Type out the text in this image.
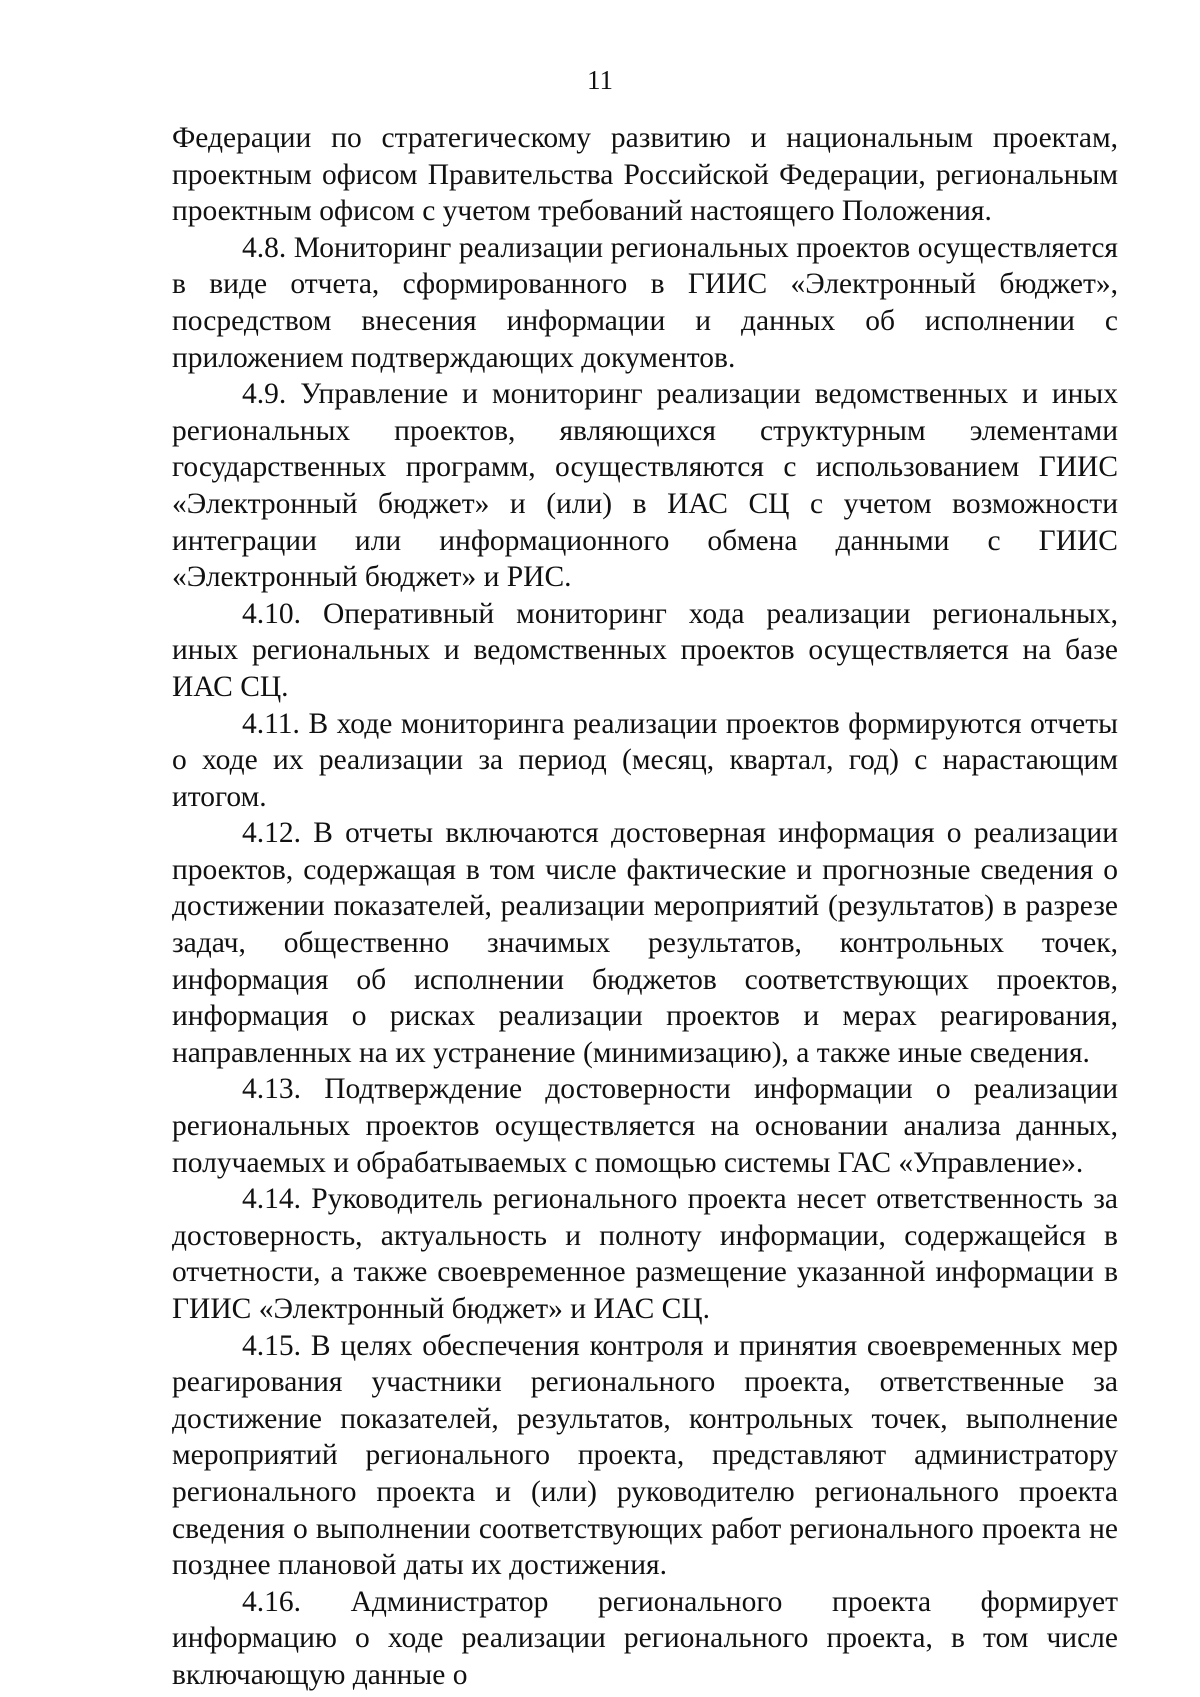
11

Федерации по стратегическому развитию и национальным проектам, проектным офисом Правительства Российской Федерации, региональным проектным офисом с учетом требований настоящего Положения.

4.8. Мониторинг реализации региональных проектов осуществляется в виде отчета, сформированного в ГИИС «Электронный бюджет», посредством внесения информации и данных об исполнении с приложением подтверждающих документов.

4.9. Управление и мониторинг реализации ведомственных и иных региональных проектов, являющихся структурным элементами государственных программ, осуществляются с использованием ГИИС «Электронный бюджет» и (или) в ИАС СЦ с учетом возможности интеграции или информационного обмена данными с ГИИС «Электронный бюджет» и РИС.

4.10. Оперативный мониторинг хода реализации региональных, иных региональных и ведомственных проектов осуществляется на базе ИАС СЦ.

4.11. В ходе мониторинга реализации проектов формируются отчеты о ходе их реализации за период (месяц, квартал, год) с нарастающим итогом.

4.12. В отчеты включаются достоверная информация о реализации проектов, содержащая в том числе фактические и прогнозные сведения о достижении показателей, реализации мероприятий (результатов) в разрезе задач, общественно значимых результатов, контрольных точек, информация об исполнении бюджетов соответствующих проектов, информация о рисках реализации проектов и мерах реагирования, направленных на их устранение (минимизацию), а также иные сведения.

4.13. Подтверждение достоверности информации о реализации региональных проектов осуществляется на основании анализа данных, получаемых и обрабатываемых с помощью системы ГАС «Управление».

4.14. Руководитель регионального проекта несет ответственность за достоверность, актуальность и полноту информации, содержащейся в отчетности, а также своевременное размещение указанной информации в ГИИС «Электронный бюджет» и ИАС СЦ.

4.15. В целях обеспечения контроля и принятия своевременных мер реагирования участники регионального проекта, ответственные за достижение показателей, результатов, контрольных точек, выполнение мероприятий регионального проекта, представляют администратору регионального проекта и (или) руководителю регионального проекта сведения о выполнении соответствующих работ регионального проекта не позднее плановой даты их достижения.

4.16. Администратор регионального проекта формирует информацию о ходе реализации регионального проекта, в том числе включающую данные о
